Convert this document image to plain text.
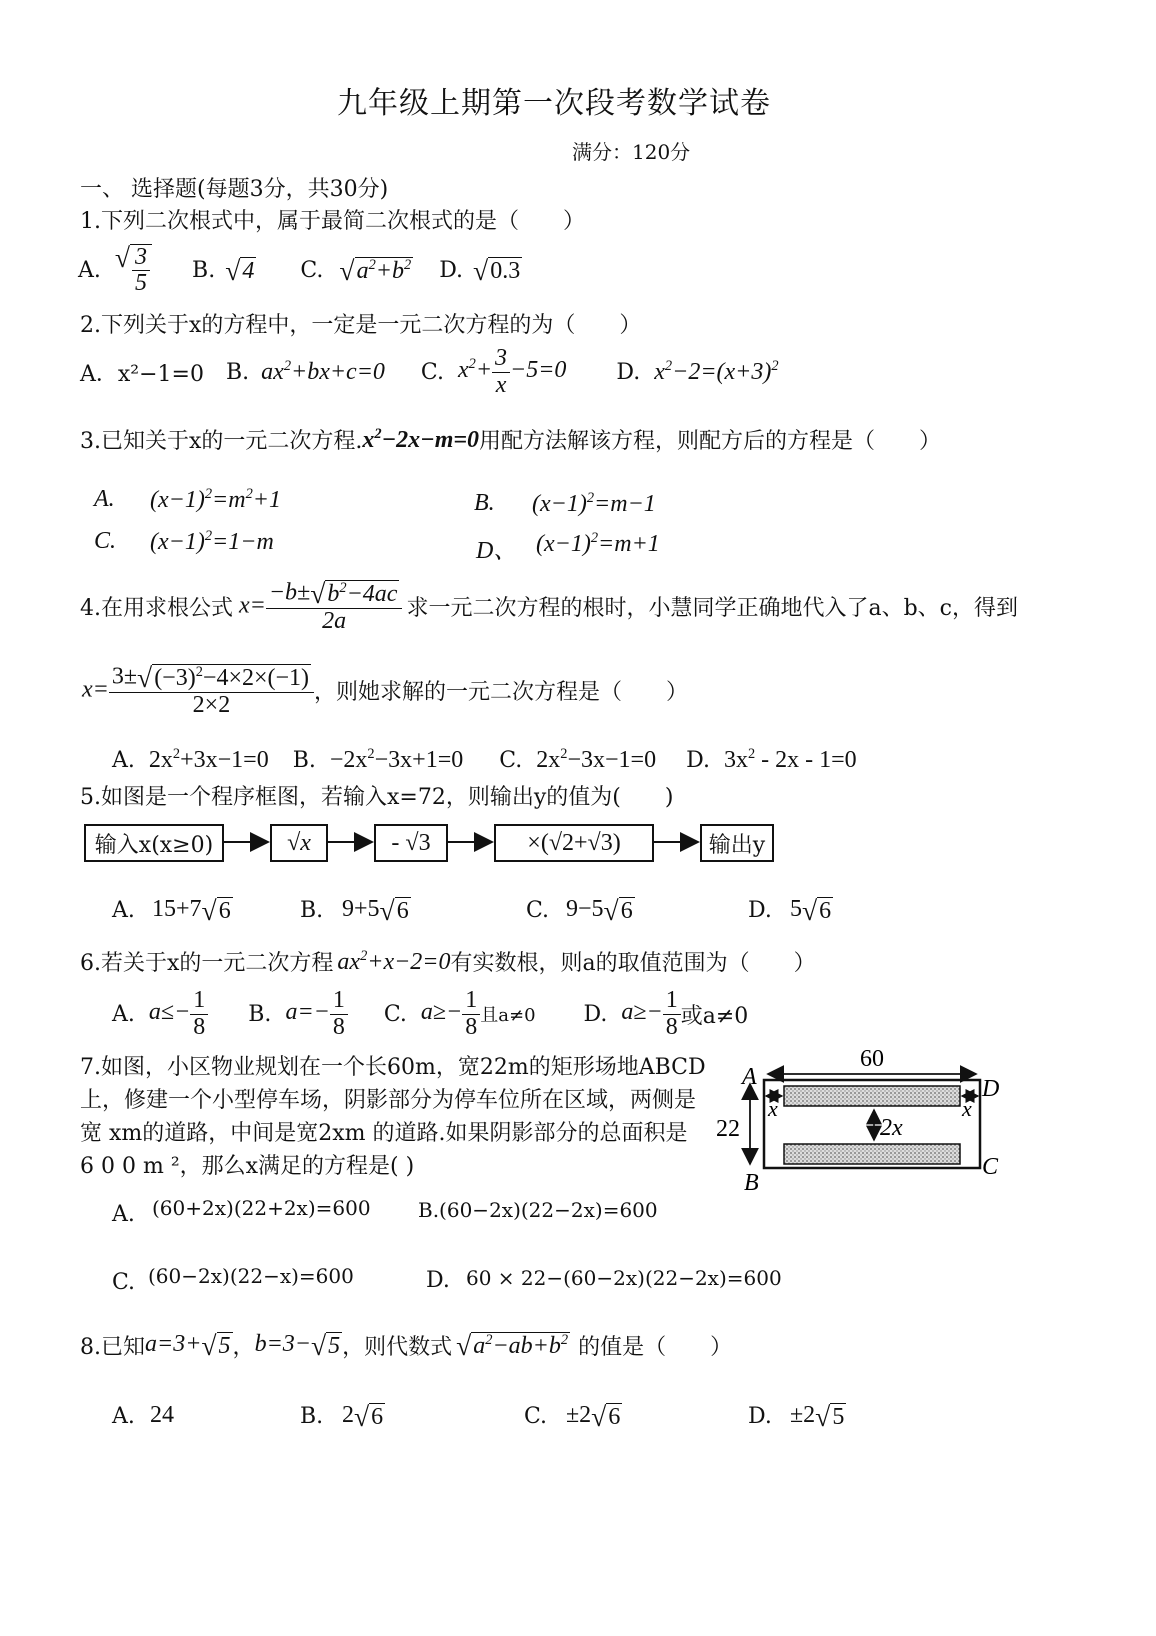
九年级上期第一次段考数学试卷
满分：120分
一、 选择题(每题3分，共30分)
1.下列二次根式中，属于最简二次根式的是（　　）
A. √ $\frac{3}{5} B$. √ 4 C. √ $a^2+b^2$ D. √ 0.3
2.下列关于x的方程中，一定是一元二次方程的为（　　）
A．x²−1=0 B. $ax^2+bx+c=0$ C. $x^2+ \frac{3}{x} -5=0$ D. $x^2-2=(x+3)^2$
3.已知关于x的一元二次方程. $x^2-2x-m=0$ 用配方法解该方程，则配方后的方程是（　　）
A. $(x-1)^2=m^2+1$	B. $(x-1)^2=m-1$
C. $(x-1)^2=1-m$	D、 $(x-1)^2=m+1$
4.在用求根公式 $x= \frac{-b\pm √ b^2-4ac}{2a}$ 求一元二次方程的根时，小慧同学正确地代入了a、b、c，得到
$x= \frac{3\pm √ (-3)^2-4\times 2\times(-1)}{2\times 2}$ ，则她求解的一元二次方程是（　　）
A. $2x^2+3x-1=0$ B. $-2x^2-3x+1=0$ C. $2x^2-3x-1=0$ D. $3x^2 - 2x - 1=0$
5.如图是一个程序框图，若输入x=72，则输出y的值为(　　)
输入x(x≥0)	√x	- √3	×(√2+√3)	输出y
A. 15+7 √ 6	B. 9+5 √ 6	C. 9−5 √ 6	D. 5 √ 6
6.若关于x的一元二次方程 $ax^2+x-2=0$ 有实数根，则a的取值范围为（　　）
A. $a\le- \frac{1}{8} B$. $a=- \frac{1}{8} C$. $a\ge- \frac{1}{8}$ 且a≠0 D. $a\ge- \frac{1}{8}$ 或a≠0
7.如图，小区物业规划在一个长60m，宽22m的矩形场地ABCD
上，修建一个小型停车场，阴影部分为停车位所在区域，两侧是
宽 xm的道路，中间是宽2xm 的道路.如果阴影部分的总面积是
6 0 0 m ²，那么x满足的方程是( )
60
22
A
B
C
D
x	x
2x
A. (60+2x)(22+2x)=600 B.(60−2x)(22−2x)=600
C. (60−2x)(22−x)=600	D. 60 × 22−(60−2x)(22−2x)=600
8.已知 a=3+ √ 5 ， b=3− √ 5 ，则代数式 √ $a^2-ab+b^2$ 的值是（　　）
A. 24	B. 2 √ 6	C. ±2 √ 6	D. ±2 √ 5
